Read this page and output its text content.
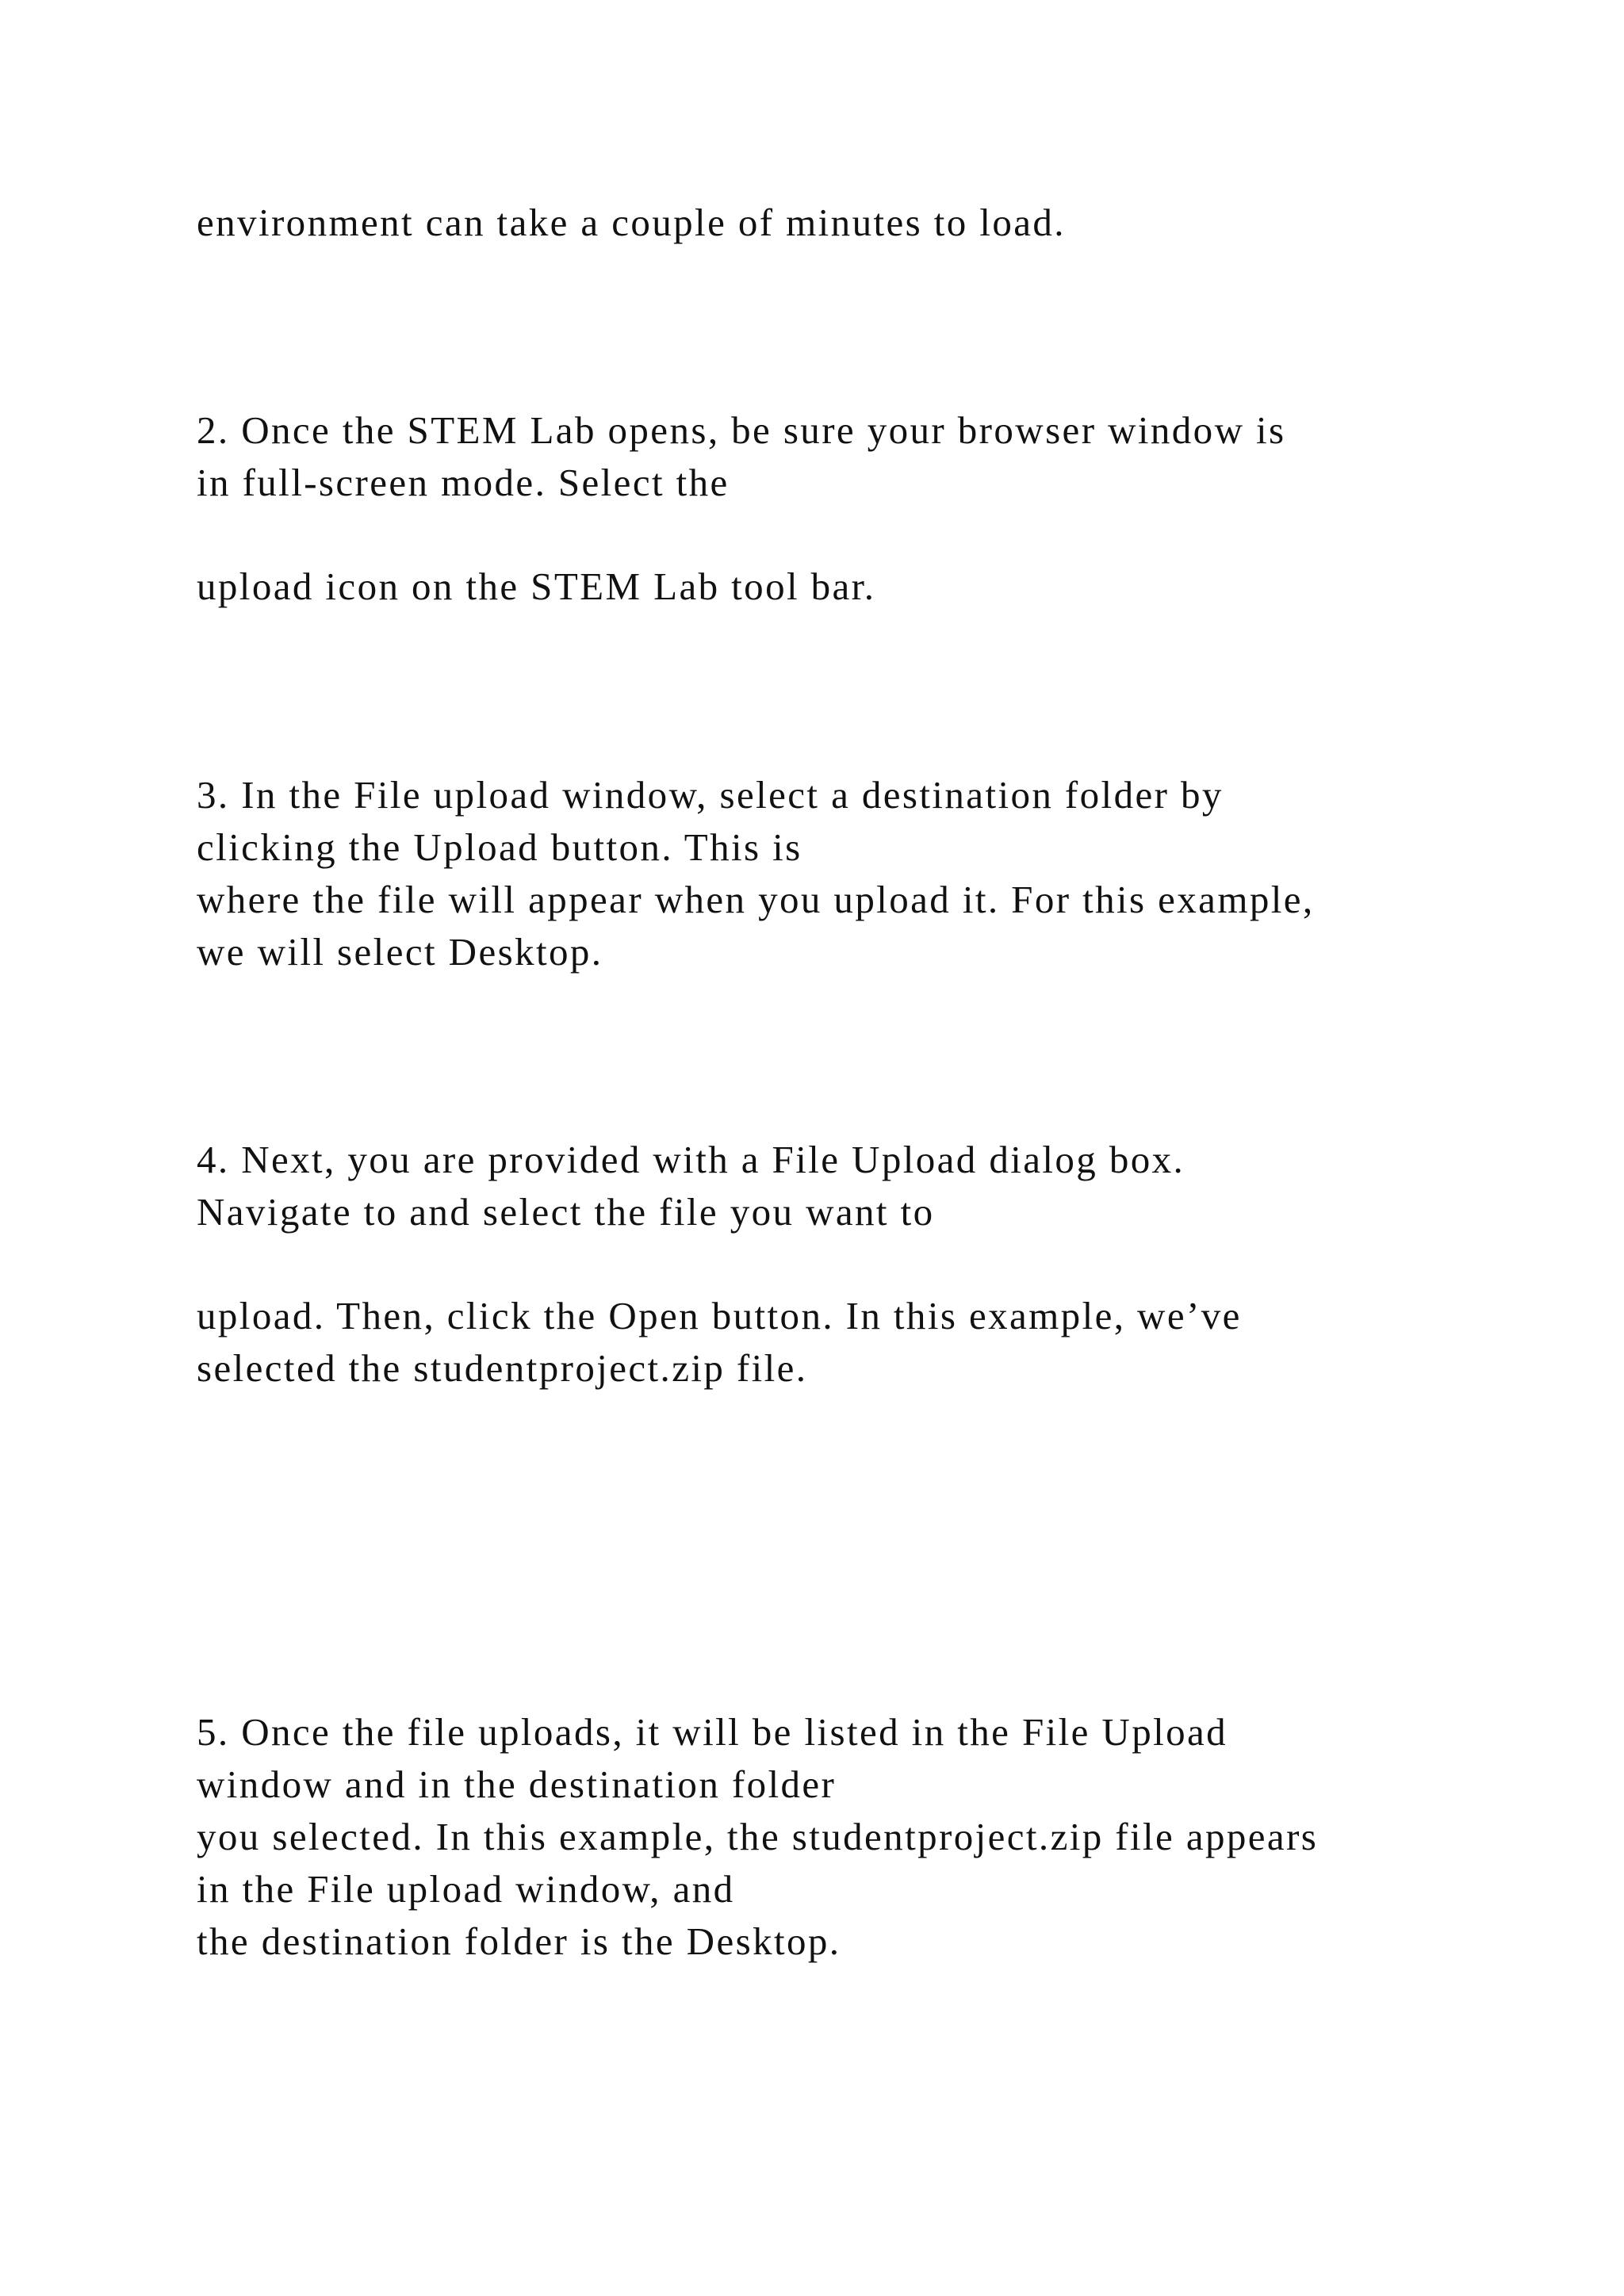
environment can take a couple of minutes to load.
2. Once the STEM Lab opens, be sure your browser window is
in full-screen mode. Select the
upload icon on the STEM Lab tool bar.
3. In the File upload window, select a destination folder by
clicking the Upload button. This is
where the file will appear when you upload it. For this example,
we will select Desktop.
4. Next, you are provided with a File Upload dialog box.
Navigate to and select the file you want to
upload. Then, click the Open button. In this example, we’ve
selected the studentproject.zip file.
5. Once the file uploads, it will be listed in the File Upload
window and in the destination folder
you selected. In this example, the studentproject.zip file appears
in the File upload window, and
the destination folder is the Desktop.
